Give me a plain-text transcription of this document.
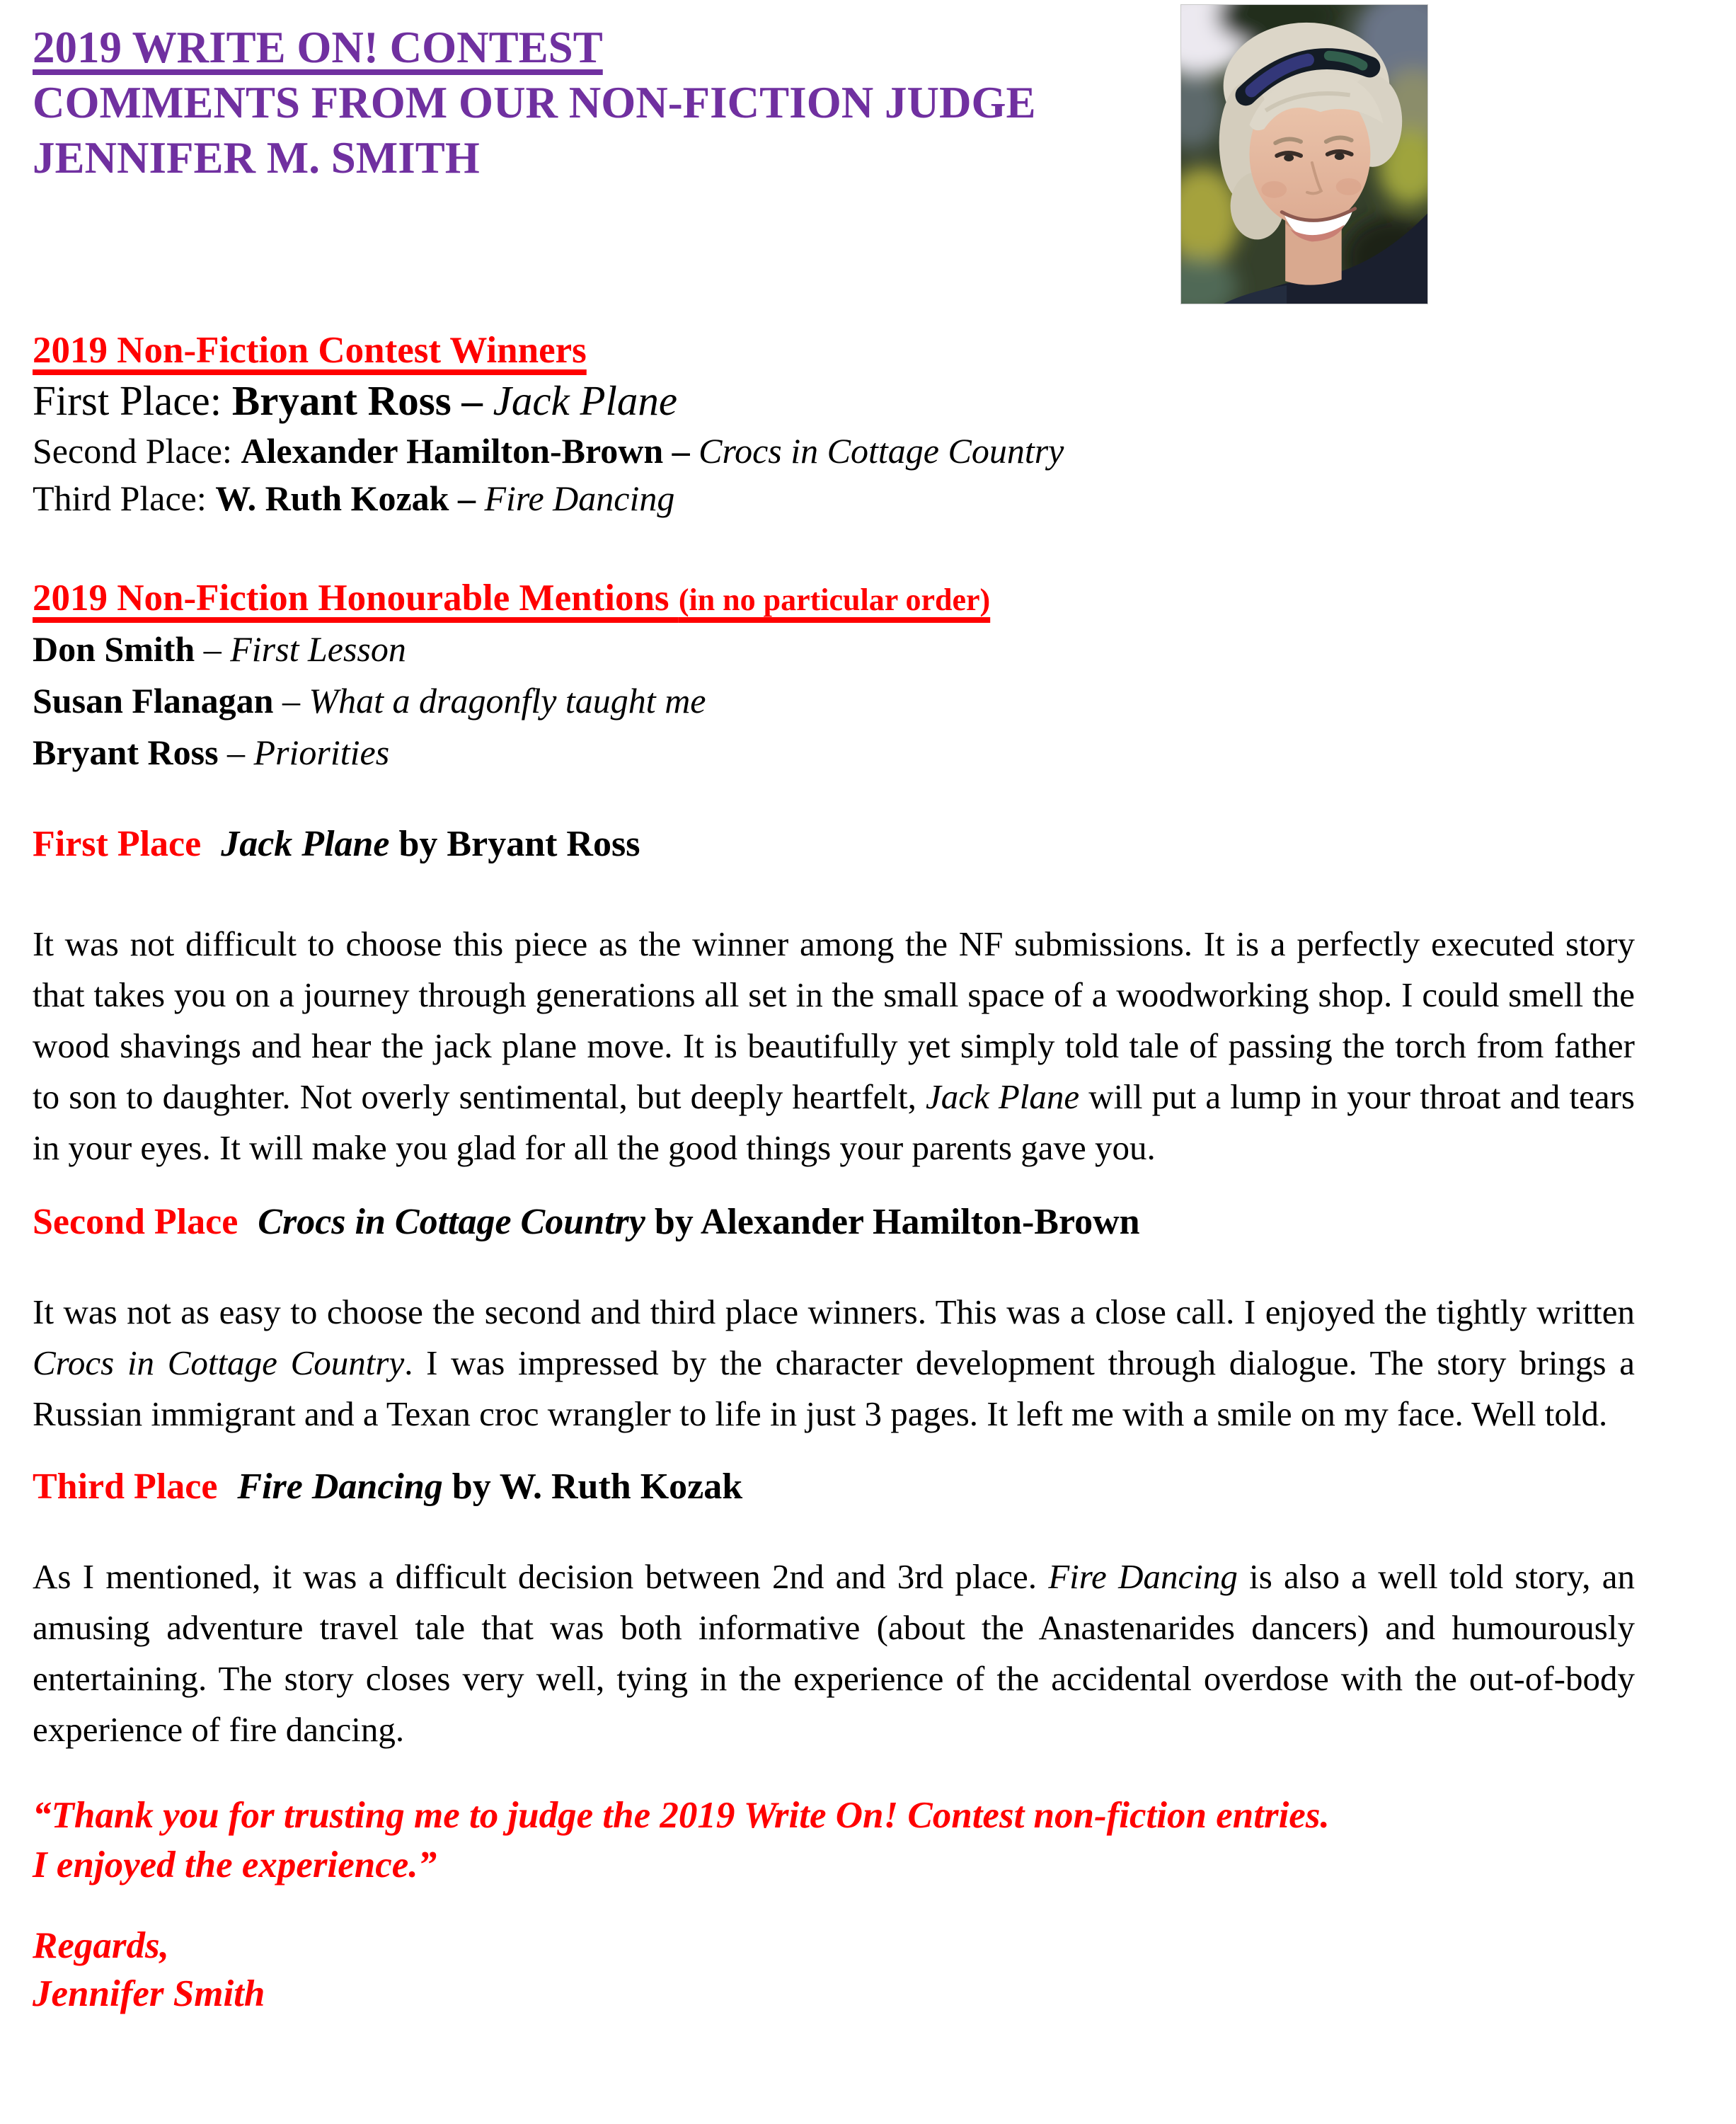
2019 WRITE ON! CONTEST
COMMENTS FROM OUR NON-FICTION JUDGE
JENNIFER M. SMITH
2019 Non-Fiction Contest Winners

First Place: Bryant Ross – Jack Plane

Second Place: Alexander Hamilton-Brown – Crocs in Cottage Country

Third Place: W. Ruth Kozak – Fire Dancing

2019 Non-Fiction Honourable Mentions (in no particular order)

Don Smith – First Lesson

Susan Flanagan – What a dragonfly taught me

Bryant Ross – Priorities

First Place Jack Plane by Bryant Ross

It was not difficult to choose this piece as the winner among the NF submissions. It is a perfectly executed story that takes you on a journey through generations all set in the small space of a woodworking shop. I could smell the wood shavings and hear the jack plane move. It is beautifully yet simply told tale of passing the torch from father to son to daughter. Not overly sentimental, but deeply heartfelt, Jack Plane will put a lump in your throat and tears in your eyes. It will make you glad for all the good things your parents gave you.

Second Place Crocs in Cottage Country by Alexander Hamilton-Brown

It was not as easy to choose the second and third place winners. This was a close call. I enjoyed the tightly written Crocs in Cottage Country. I was impressed by the character development through dialogue. The story brings a Russian immigrant and a Texan croc wrangler to life in just 3 pages. It left me with a smile on my face. Well told.

Third Place Fire Dancing by W. Ruth Kozak

As I mentioned, it was a difficult decision between 2nd and 3rd place. Fire Dancing is also a well told story, an amusing adventure travel tale that was both informative (about the Anastenarides dancers) and humourously entertaining. The story closes very well, tying in the experience of the accidental overdose with the out-of-body experience of fire dancing.

“Thank you for trusting me to judge the 2019 Write On! Contest non-fiction entries.
I enjoyed the experience.”

Regards,
Jennifer Smith
